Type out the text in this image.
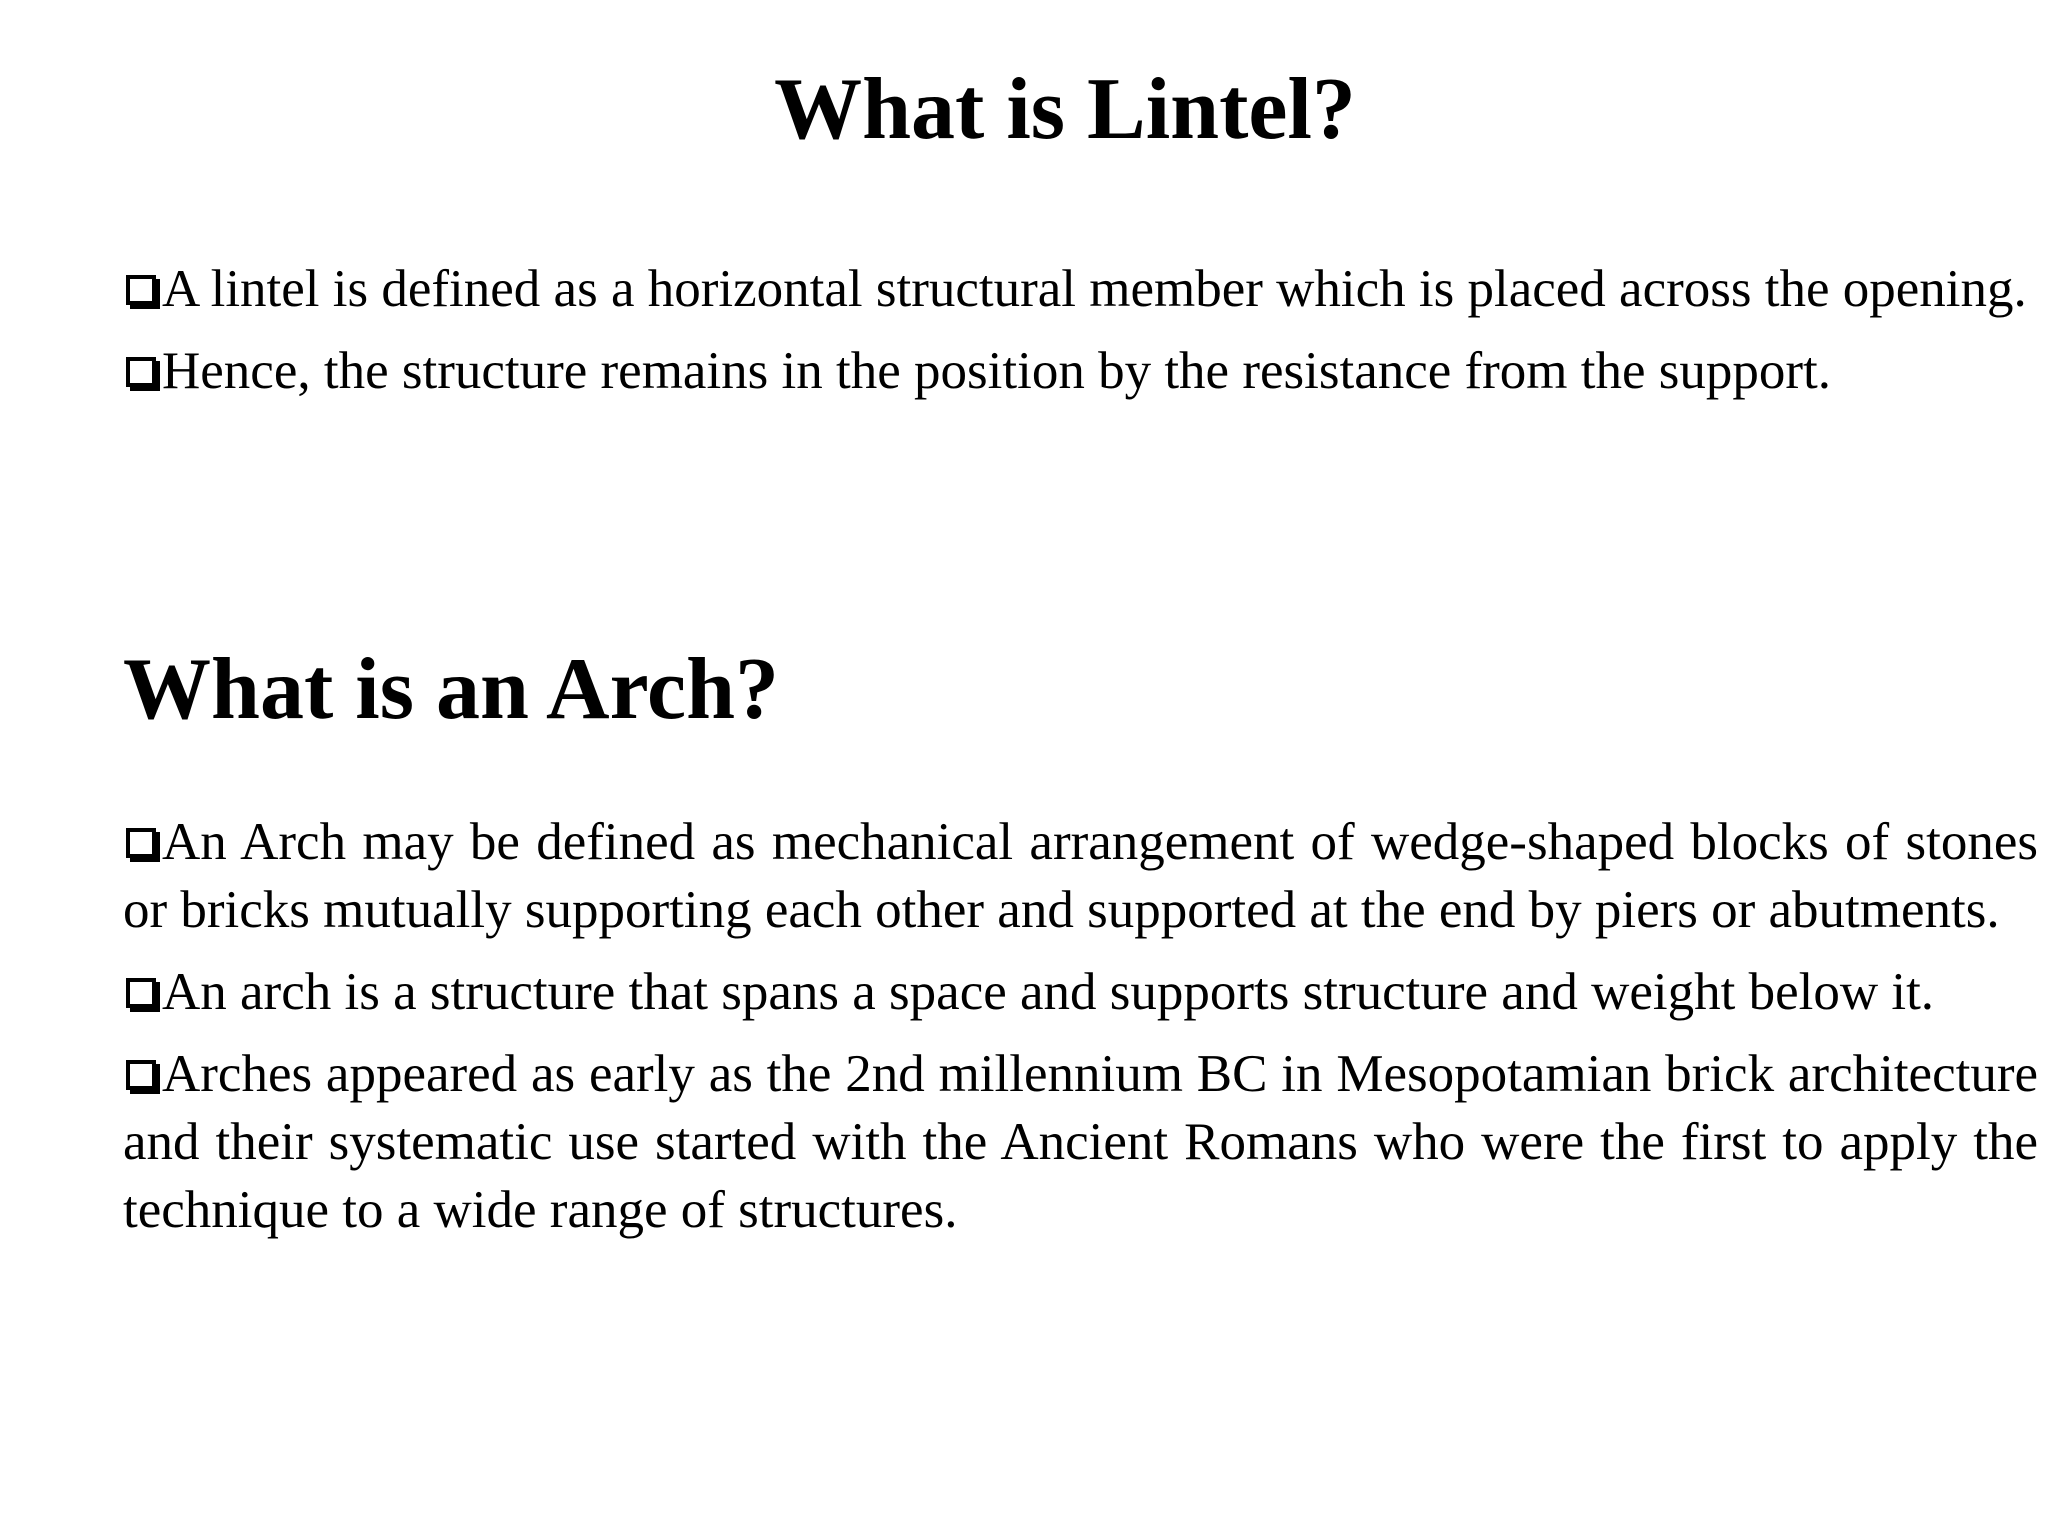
What is Lintel?
A lintel is defined as a horizontal structural member which is placed across the opening.
Hence, the structure remains in the position by the resistance from the support.
What is an Arch?
An Arch may be defined as mechanical arrangement of wedge-shaped blocks of stones or bricks mutually supporting each other and supported at the end by piers or abutments.
An arch is a structure that spans a space and supports structure and weight below it.
Arches appeared as early as the 2nd millennium BC in Mesopotamian brick architecture and their systematic use started with the Ancient Romans who were the first to apply the technique to a wide range of structures.
